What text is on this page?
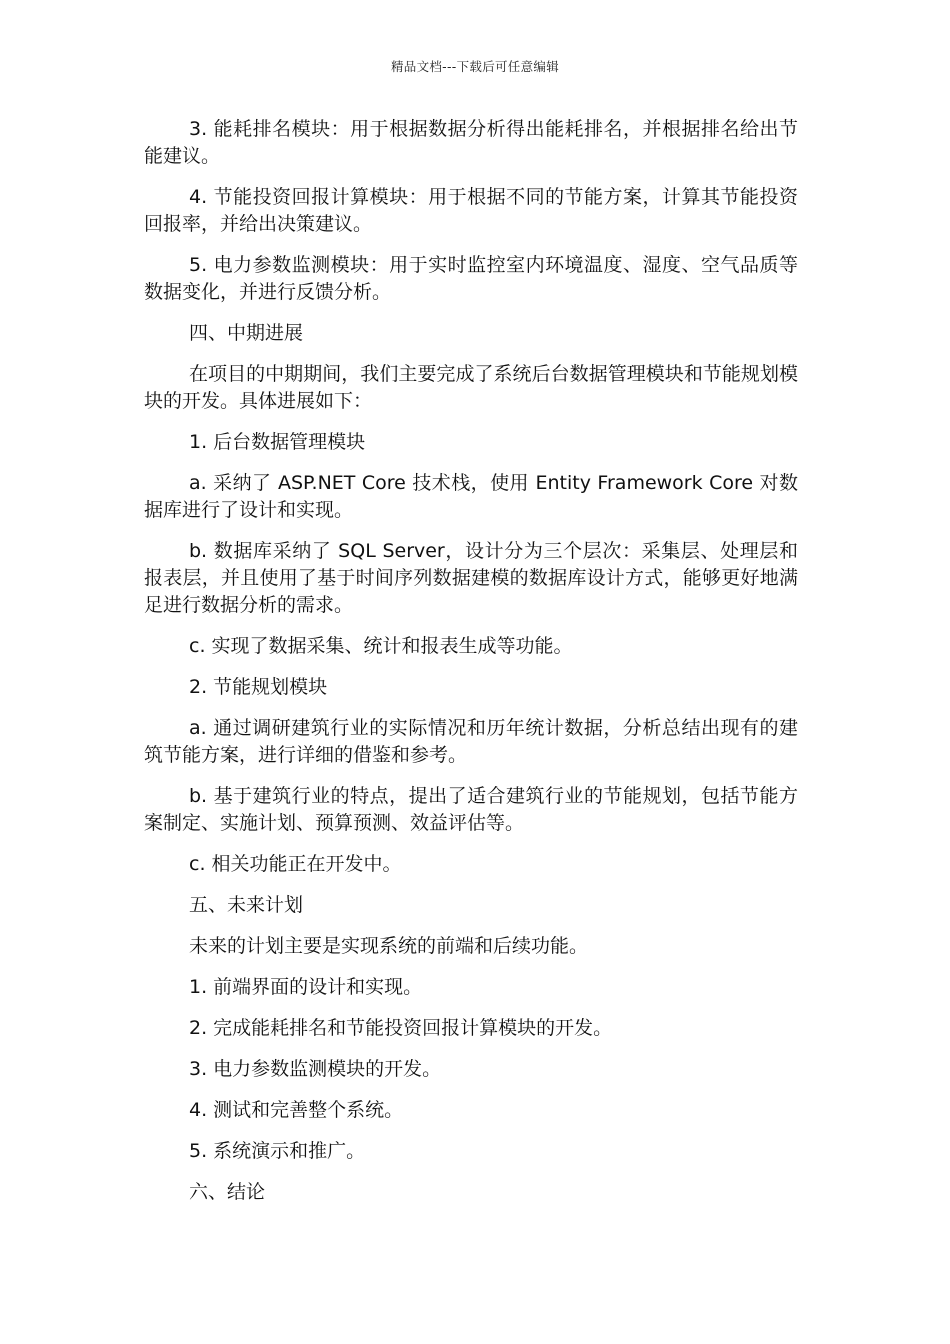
精品文档---下载后可任意编辑

3. 能耗排名模块：用于根据数据分析得出能耗排名，并根据排名给出节能建议。

4. 节能投资回报计算模块：用于根据不同的节能方案，计算其节能投资回报率，并给出决策建议。

5. 电力参数监测模块：用于实时监控室内环境温度、湿度、空气品质等数据变化，并进行反馈分析。

四、中期进展

在项目的中期期间，我们主要完成了系统后台数据管理模块和节能规划模块的开发。具体进展如下：

1. 后台数据管理模块

a. 采纳了 ASP.NET Core 技术栈，使用 Entity Framework Core 对数据库进行了设计和实现。

b. 数据库采纳了 SQL Server，设计分为三个层次：采集层、处理层和报表层，并且使用了基于时间序列数据建模的数据库设计方式，能够更好地满足进行数据分析的需求。

c. 实现了数据采集、统计和报表生成等功能。

2. 节能规划模块

a. 通过调研建筑行业的实际情况和历年统计数据，分析总结出现有的建筑节能方案，进行详细的借鉴和参考。

b. 基于建筑行业的特点，提出了适合建筑行业的节能规划，包括节能方案制定、实施计划、预算预测、效益评估等。

c. 相关功能正在开发中。

五、未来计划

未来的计划主要是实现系统的前端和后续功能。

1. 前端界面的设计和实现。

2. 完成能耗排名和节能投资回报计算模块的开发。

3. 电力参数监测模块的开发。

4. 测试和完善整个系统。

5. 系统演示和推广。

六、结论
